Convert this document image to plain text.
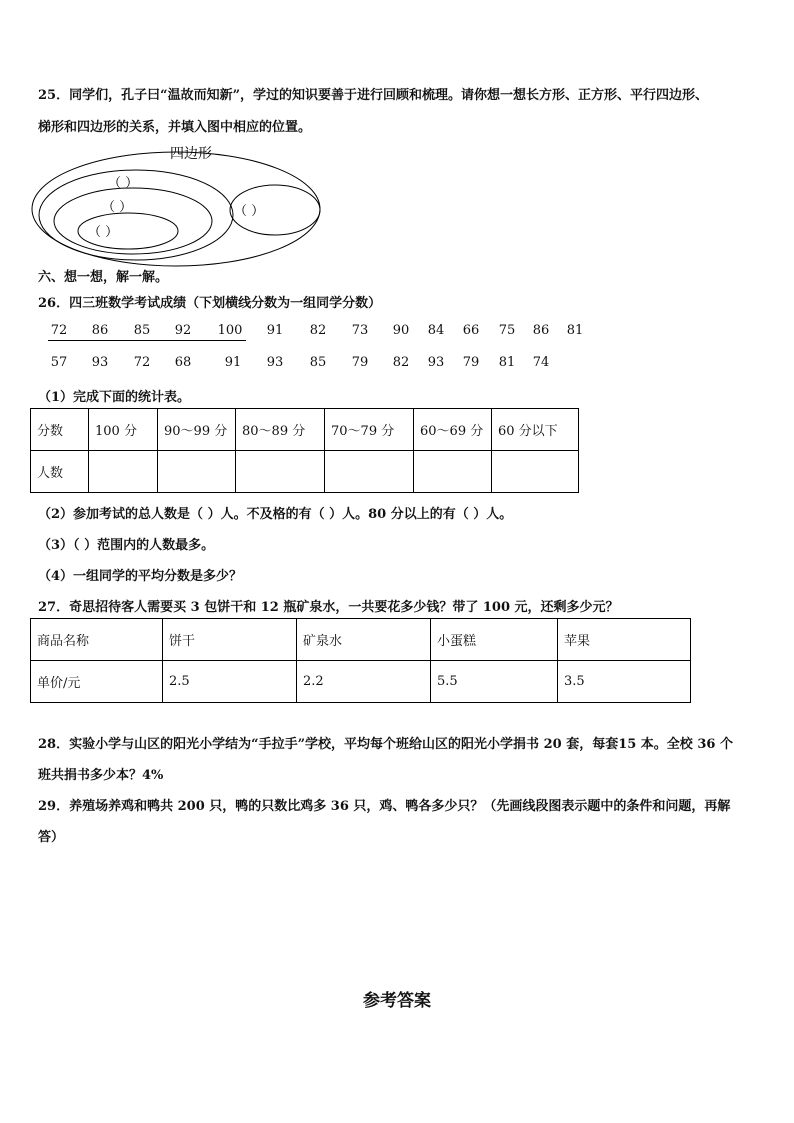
25．同学们，孔子曰“温故而知新”，学过的知识要善于进行回顾和梳理。请你想一想长方形、正方形、平行四边形、
梯形和四边形的关系，并填入图中相应的位置。
四边形
（ ）
（ ）
（ ）
（ ）
六、想一想，解一解。
26．四三班数学考试成绩（下划横线分数为一组同学分数）
72	86	85	92	100	91	82	73	90	84	66	75	86	81
57	93	72	68	91	93	85	79	82	93	79	81	74
（1）完成下面的统计表。
分数	100 分	90～99 分	80～89 分	70～79 分	60～69 分	60 分以下
人数						
（2）参加考试的总人数是（ ）人。不及格的有（ ）人。80 分以上的有（ ）人。
（3）（ ）范围内的人数最多。
（4）一组同学的平均分数是多少？
27．奇思招待客人需要买 3 包饼干和 12 瓶矿泉水，一共要花多少钱？带了 100 元，还剩多少元？
商品名称	饼干	矿泉水	小蛋糕	苹果
单价/元	2.5	2.2	5.5	3.5
28．实验小学与山区的阳光小学结为“手拉手”学校，平均每个班给山区的阳光小学捐书 20 套，每套15 本。全校 36 个
班共捐书多少本？4%
29．养殖场养鸡和鸭共 200 只，鸭的只数比鸡多 36 只，鸡、鸭各多少只？（先画线段图表示题中的条件和问题，再解
答）
参考答案
